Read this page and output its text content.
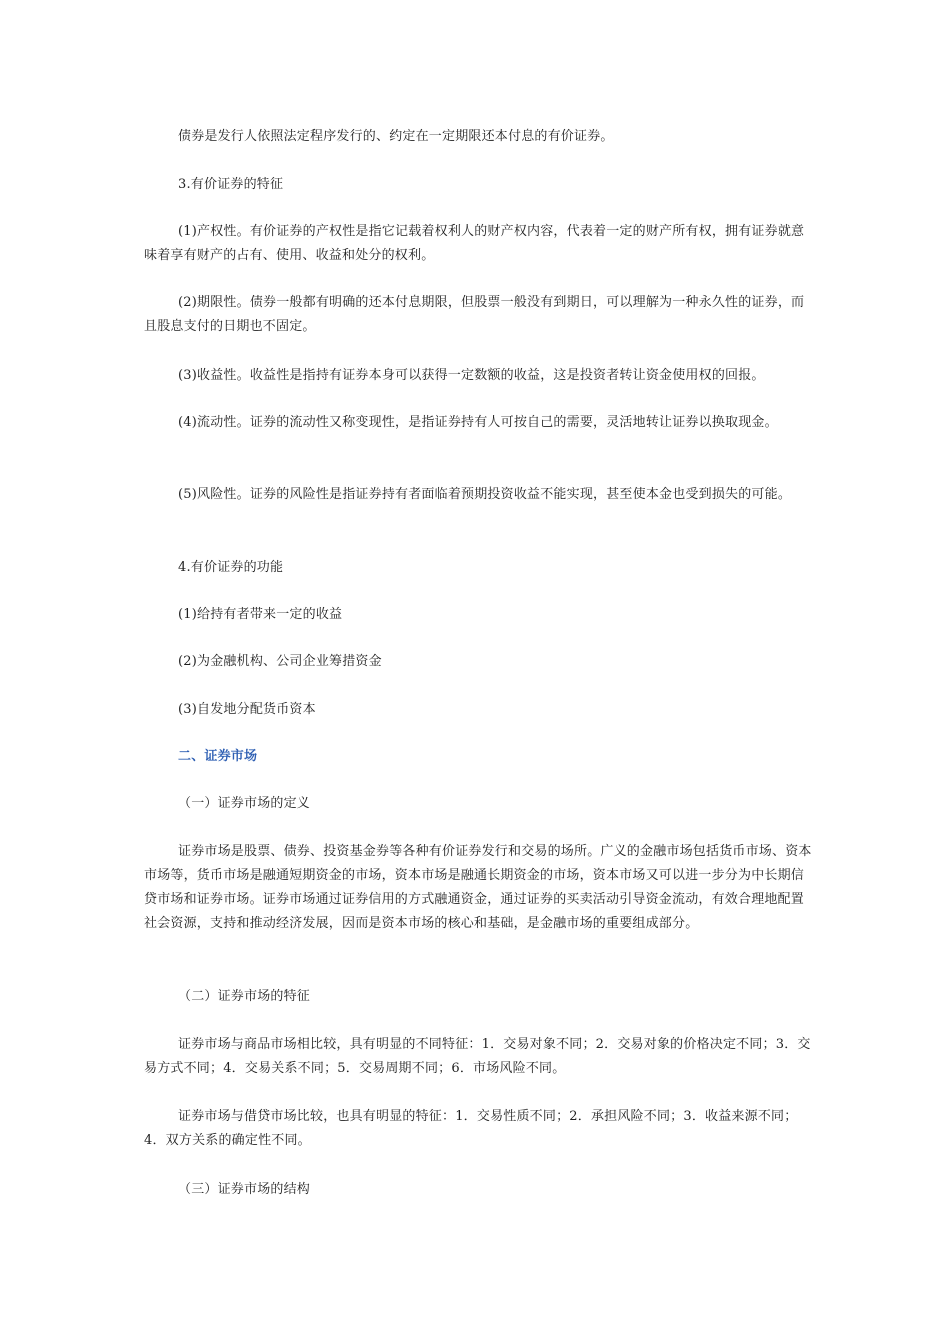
债券是发行人依照法定程序发行的、约定在一定期限还本付息的有价证券。

3.有价证券的特征

(1)产权性。有价证券的产权性是指它记载着权利人的财产权内容，代表着一定的财产所有权，拥有证券就意味着享有财产的占有、使用、收益和处分的权利。

(2)期限性。债券一般都有明确的还本付息期限，但股票一般没有到期日，可以理解为一种永久性的证券，而且股息支付的日期也不固定。

(3)收益性。收益性是指持有证券本身可以获得一定数额的收益，这是投资者转让资金使用权的回报。

(4)流动性。证券的流动性又称变现性，是指证券持有人可按自己的需要，灵活地转让证券以换取现金。

(5)风险性。证券的风险性是指证券持有者面临着预期投资收益不能实现，甚至使本金也受到损失的可能。

4.有价证券的功能

(1)给持有者带来一定的收益

(2)为金融机构、公司企业筹措资金

(3)自发地分配货币资本

二、证券市场

（一）证券市场的定义

证券市场是股票、债券、投资基金券等各种有价证券发行和交易的场所。广义的金融市场包括货币市场、资本市场等，货币市场是融通短期资金的市场，资本市场是融通长期资金的市场，资本市场又可以进一步分为中长期信贷市场和证券市场。证券市场通过证券信用的方式融通资金，通过证券的买卖活动引导资金流动，有效合理地配置社会资源，支持和推动经济发展，因而是资本市场的核心和基础，是金融市场的重要组成部分。

（二）证券市场的特征

证券市场与商品市场相比较，具有明显的不同特征：1．交易对象不同；2．交易对象的价格决定不同；3．交易方式不同；4．交易关系不同；5．交易周期不同；6．市场风险不同。

证券市场与借贷市场比较，也具有明显的特征：1．交易性质不同；2．承担风险不同；3．收益来源不同；4．双方关系的确定性不同。

（三）证券市场的结构
